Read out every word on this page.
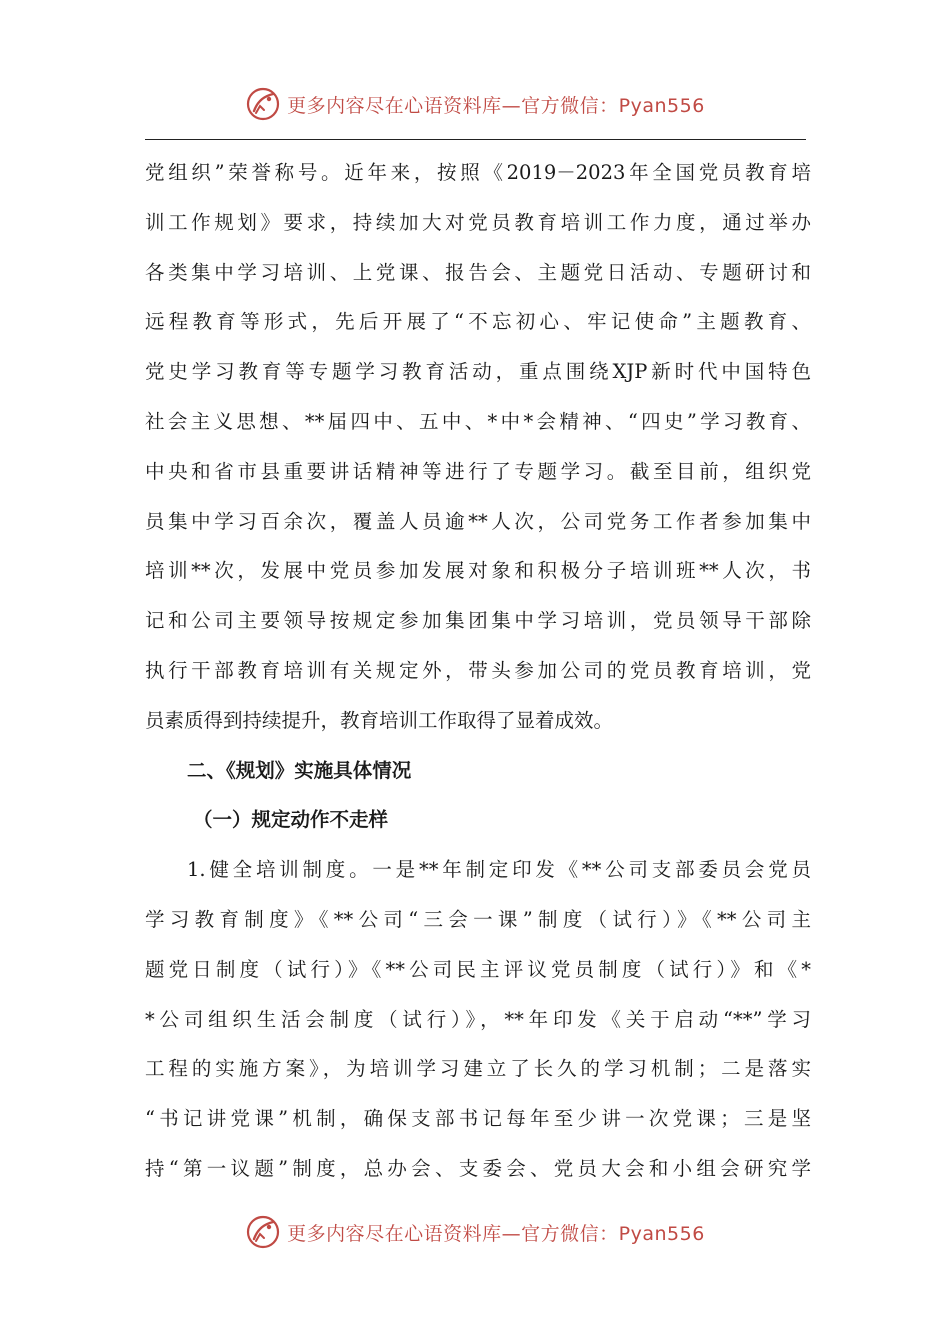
更多内容尽在心语资料库—官方微信：Pyan556
党组织”荣誉称号。近年来，按照《2019－2023年全国党员教育培
训工作规划》要求，持续加大对党员教育培训工作力度，通过举办
各类集中学习培训、上党课、报告会、主题党日活动、专题研讨和
远程教育等形式，先后开展了“不忘初心、牢记使命”主题教育、
党史学习教育等专题学习教育活动，重点围绕XJP新时代中国特色
社会主义思想、**届四中、五中、*中*会精神、“四史”学习教育、
中央和省市县重要讲话精神等进行了专题学习。截至目前，组织党
员集中学习百余次，覆盖人员逾**人次，公司党务工作者参加集中
培训**次，发展中党员参加发展对象和积极分子培训班**人次，书
记和公司主要领导按规定参加集团集中学习培训，党员领导干部除
执行干部教育培训有关规定外，带头参加公司的党员教育培训，党
员素质得到持续提升，教育培训工作取得了显着成效。
二、《规划》实施具体情况
（一）规定动作不走样
1.健全培训制度。一是**年制定印发《**公司支部委员会党员
学习教育制度》《**公司“三会一课”制度（试行）》《**公司主
题党日制度（试行）》《**公司民主评议党员制度（试行）》和《*
*公司组织生活会制度（试行）》，**年印发《关于启动“**”学习
工程的实施方案》，为培训学习建立了长久的学习机制；二是落实
“书记讲党课”机制，确保支部书记每年至少讲一次党课；三是坚
持“第一议题”制度，总办会、支委会、党员大会和小组会研究学
更多内容尽在心语资料库—官方微信：Pyan556
